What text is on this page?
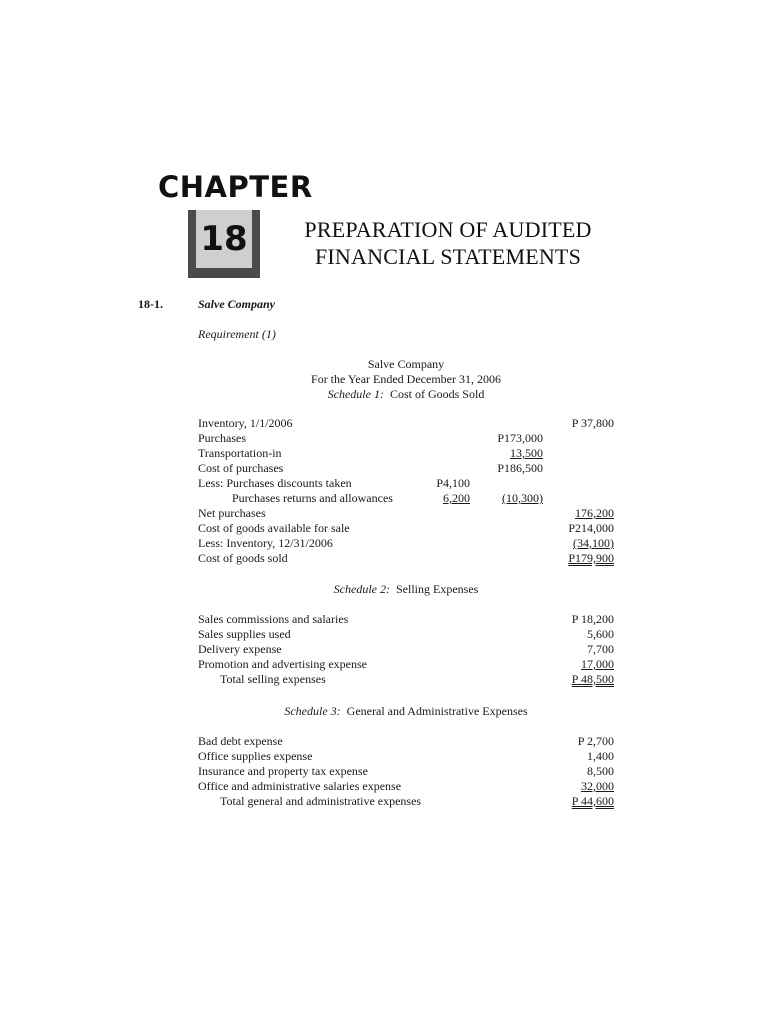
CHAPTER
18	PREPARATION OF AUDITED
FINANCIAL STATEMENTS
18-1.	Salve Company
Requirement (1)
Salve Company
For the Year Ended December 31, 2006
Schedule 1: Cost of Goods Sold
Inventory, 1/1/2006	P 37,800
Purchases	P173,000
Transportation-in	13,500
Cost of purchases	P186,500
Less: Purchases discounts taken	P4,100
Purchases returns and allowances	6,200	(10,300)
Net purchases	176,200
Cost of goods available for sale	P214,000
Less: Inventory, 12/31/2006	(34,100)
Cost of goods sold	P179,900
Schedule 2: Selling Expenses
Sales commissions and salaries	P 18,200
Sales supplies used	5,600
Delivery expense	7,700
Promotion and advertising expense	17,000
Total selling expenses	P 48,500
Schedule 3: General and Administrative Expenses
Bad debt expense	P 2,700
Office supplies expense	1,400
Insurance and property tax expense	8,500
Office and administrative salaries expense	32,000
Total general and administrative expenses	P 44,600
